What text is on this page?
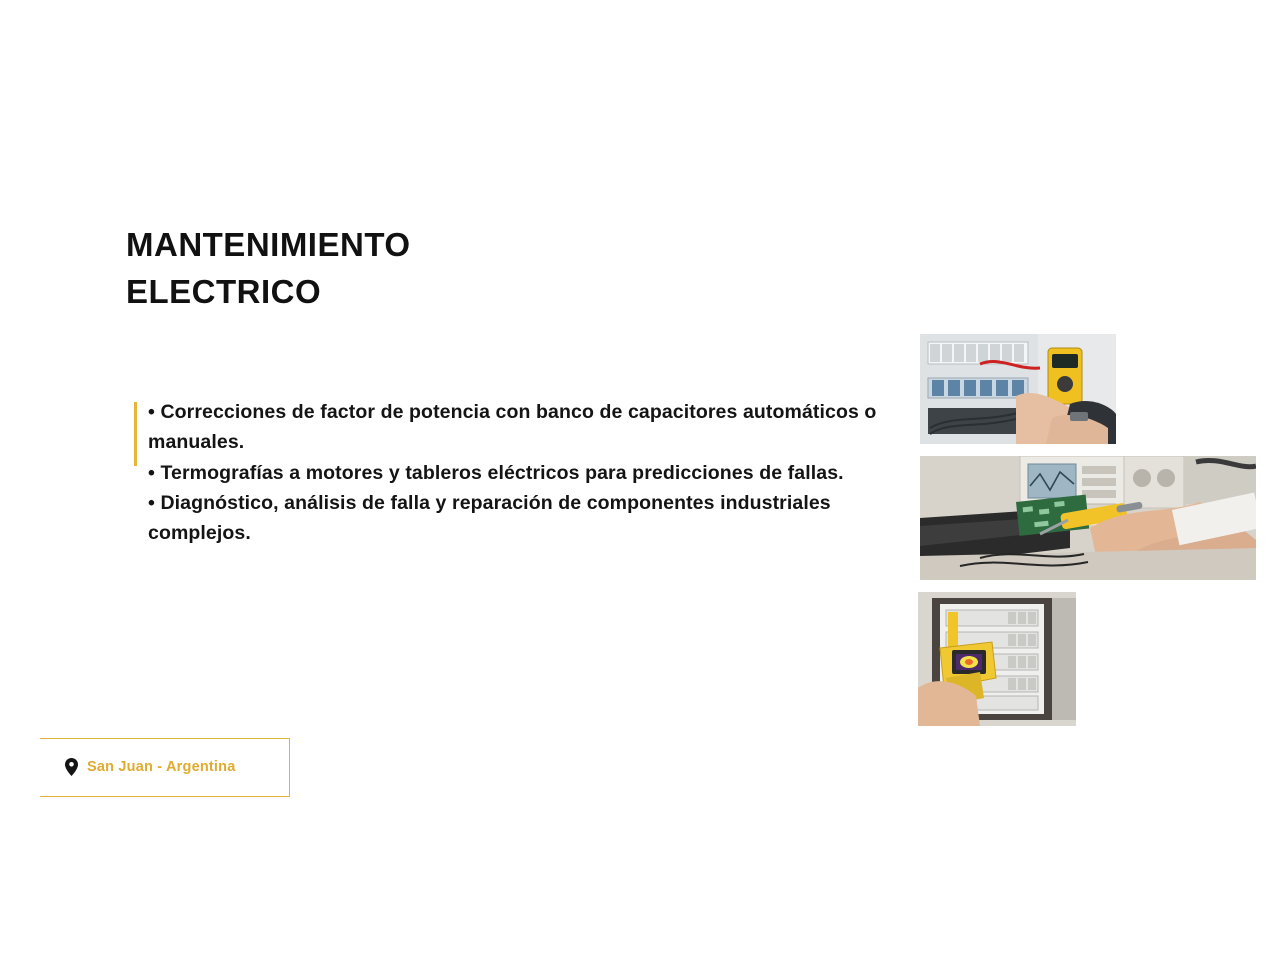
MANTENIMIENTO
ELECTRICO

• Correcciones de factor de potencia con banco de capacitores automáticos o manuales.

• Termografías a motores y tableros eléctricos para predicciones de fallas.

• Diagnóstico, análisis de falla y reparación de componentes industriales complejos.

San Juan - Argentina
